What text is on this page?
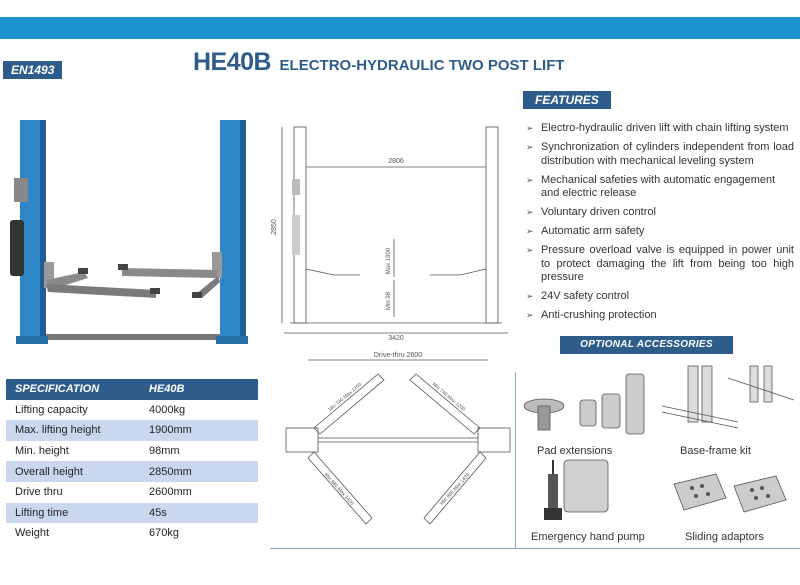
EN1493	HE40B ELECTRO-HYDRAULIC TWO POST LIFT
2806
2850
Max 1900
Min 98
3420
Drive-thru 2600
Min 740 Max 1200	Min 740 Max 1200
Min 980 Max 1420	Min 980 Max 1420
FEATURES
➢ Electro-hydraulic driven lift with chain lifting system
➢ Synchronization of cylinders independent from load distribution with mechanical leveling system
➢ Mechanical safeties with automatic engagement and electric release
➢ Voluntary driven control
➢ Automatic arm safety
➢ Pressure overload valve is equipped in power unit to protect damaging the lift from being too high pressure
➢ 24V safety control
➢ Anti-crushing protection
OPTIONAL ACCESSORIES
Pad extensions	Base-frame kit
Emergency hand pump	Sliding adaptors
SPECIFICATION	HE40B
Lifting capacity	4000kg
Max. lifting height	1900mm
Min. height	98mm
Overall height	2850mm
Drive thru	2600mm
Lifting time	45s
Weight	670kg
